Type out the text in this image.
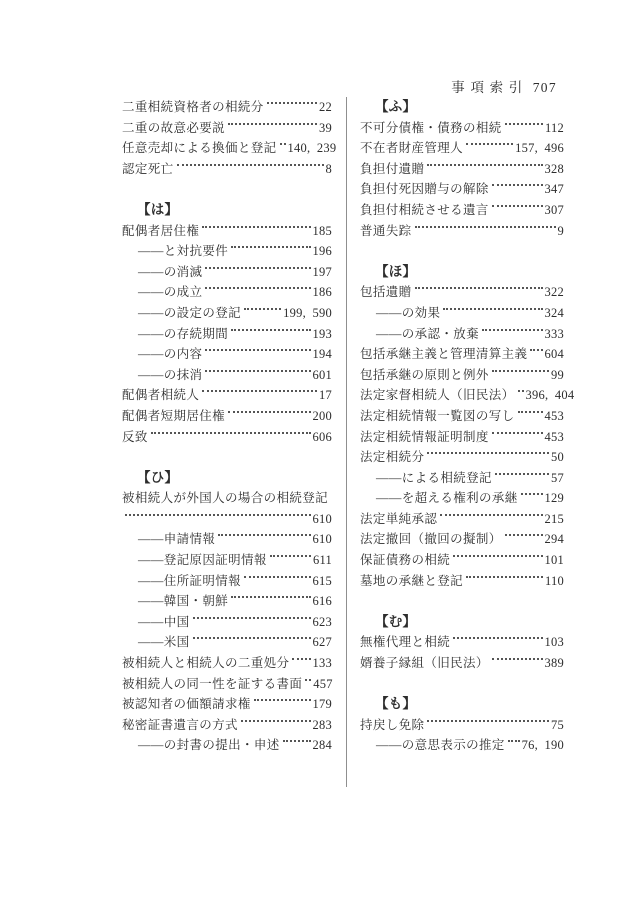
事項索引 707
二重相続資格者の相続分	22
二重の故意必要説	39
任意売却による換価と登記 140, 239
認定死亡	8
【は】
配偶者居住権	185
――と対抗要件	196
――の消滅	197
――の成立	186
――の設定の登記	199, 590
――の存続期間	193
――の内容	194
――の抹消	601
配偶者相続人	17
配偶者短期居住権	200
反致	606
【ひ】
被相続人が外国人の場合の相続登記
610
――申請情報	610
――登記原因証明情報	611
――住所証明情報	615
――韓国・朝鮮	616
――中国	623
――米国	627
被相続人と相続人の二重処分 133
被相続人の同一性を証する書面 457
被認知者の価額請求権	179
秘密証書遺言の方式	283
――の封書の提出・申述	284
【ふ】
不可分債権・債務の相続	112
不在者財産管理人	157, 496
負担付遺贈	328
負担付死因贈与の解除	347
負担付相続させる遺言	307
普通失踪	9
【ほ】
包括遺贈	322
――の効果	324
――の承認・放棄	333
包括承継主義と管理清算主義 604
包括承継の原則と例外	99
法定家督相続人（旧民法） 396, 404
法定相続情報一覧図の写し 453
法定相続情報証明制度	453
法定相続分	50
――による相続登記	57
――を超える権利の承継 129
法定単純承認	215
法定撤回（撤回の擬制）	294
保証債務の相続	101
墓地の承継と登記	110
【む】
無権代理と相続	103
婿養子縁組（旧民法）	389
【も】
持戻し免除	75
――の意思表示の推定 76, 190
